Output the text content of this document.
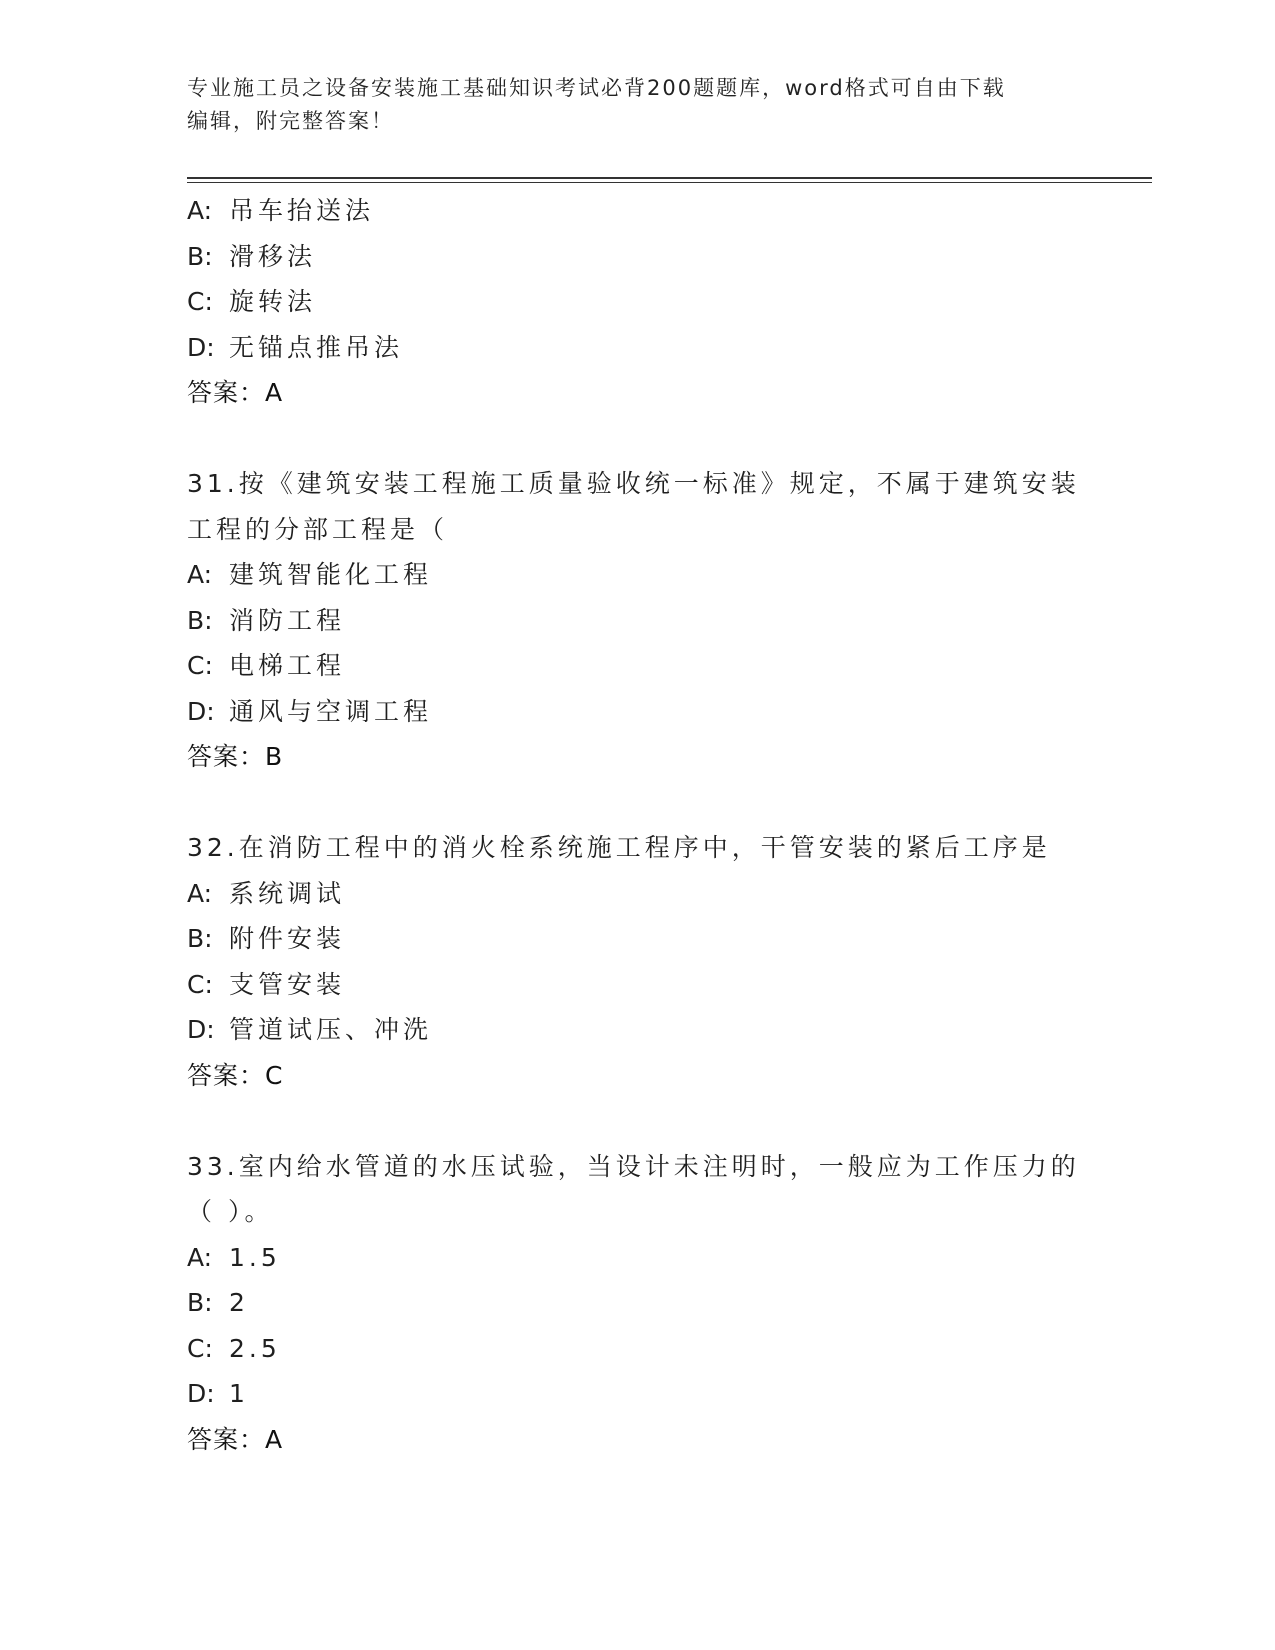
专业施工员之设备安装施工基础知识考试必背200题题库，word格式可自由下载
编辑，附完整答案！
A: 吊车抬送法
B: 滑移法
C: 旋转法
D: 无锚点推吊法
答案：A
31.按《建筑安装工程施工质量验收统一标准》规定，不属于建筑安装
工程的分部工程是（
A: 建筑智能化工程
B: 消防工程
C: 电梯工程
D: 通风与空调工程
答案：B
32.在消防工程中的消火栓系统施工程序中，干管安装的紧后工序是
A: 系统调试
B: 附件安装
C: 支管安装
D: 管道试压、冲洗
答案：C
33.室内给水管道的水压试验，当设计未注明时，一般应为工作压力的
（ ）。
A: 1.5
B: 2
C: 2.5
D: 1
答案：A
